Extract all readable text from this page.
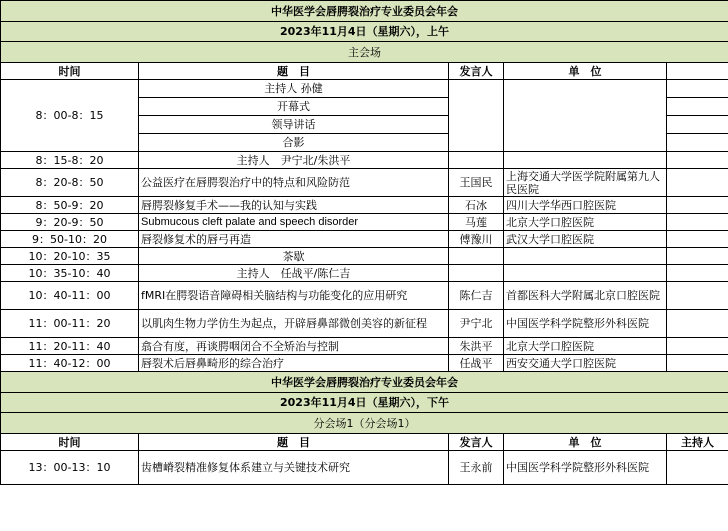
中华医学会唇腭裂治疗专业委员会年会				
2023年11月4日（星期六），上午				
主会场				
时间	题　目	发言人	单　位	
8：00-8：15	主持人 孙健			
	开幕式			
	领导讲话			
	合影			
8：15-8：20	主持人　尹宁北/朱洪平			
8：20-8：50	公益医疗在唇腭裂治疗中的特点和风险防范	王国民	上海交通大学医学院附属第九人民医院	
8：50-9：20	唇腭裂修复手术——我的认知与实践	石冰	四川大学华西口腔医院	
9：20-9：50	Submucous cleft palate and speech disorder	马莲	北京大学口腔医院	
9：50-10：20	唇裂修复术的唇弓再造	傅豫川	武汉大学口腔医院	
10：20-10：35	茶歇			
10：35-10：40	主持人　任战平/陈仁吉			
10：40-11：00	fMRI在腭裂语音障碍相关脑结构与功能变化的应用研究	陈仁吉	首都医科大学附属北京口腔医院	
11：00-11：20	以肌肉生物力学仿生为起点，开辟唇鼻部微创美容的新征程	尹宁北	中国医学科学院整形外科医院	
11：20-11：40	翕合有度，再谈腭咽闭合不全矫治与控制	朱洪平	北京大学口腔医院	
11：40-12：00	唇裂术后唇鼻畸形的综合治疗	任战平	西安交通大学口腔医院	
中华医学会唇腭裂治疗专业委员会年会				
2023年11月4日（星期六），下午				
分会场1（分会场1）				
时间	题　目	发言人	单　位	主持人
13：00-13：10	齿槽嵴裂精准修复体系建立与关键技术研究	王永前	中国医学科学院整形外科医院	
